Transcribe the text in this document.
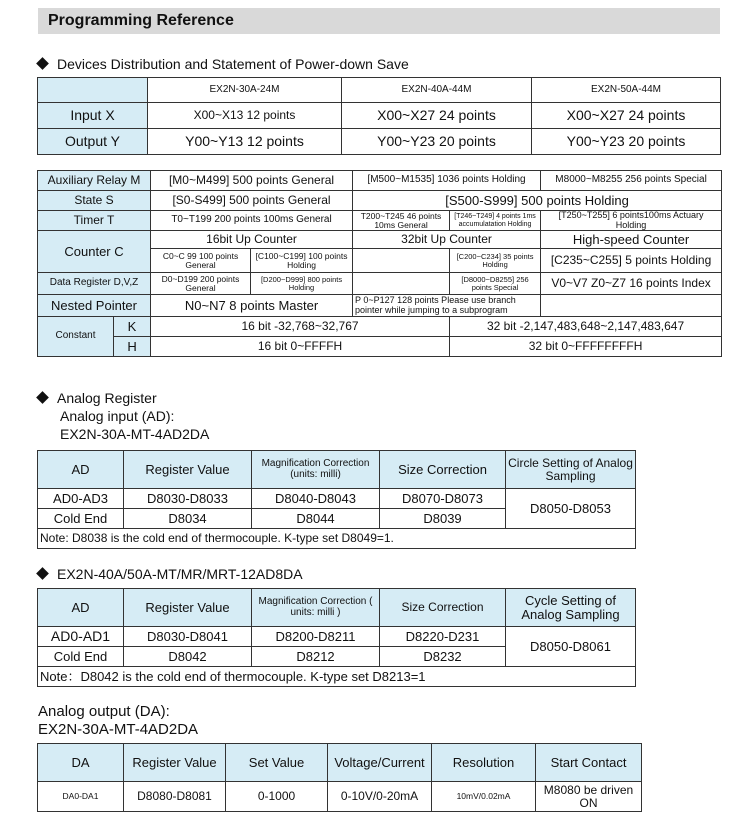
Programming Reference
Devices Distribution and Statement of Power-down Save
	EX2N-30A-24M	EX2N-40A-44M	EX2N-50A-44M
Input X	X00~X13 12 points	X00~X27 24 points	X00~X27 24 points
Output Y	Y00~Y13 12 points	Y00~Y23 20 points	Y00~Y23 20 points
Auxiliary Relay M		[M0~M499] 500 points General		[M500~M1535] 1036 points Holding		M8000~M8255 256 points Special
State S		[S0-S499] 500 points General		[S500-S999] 500 points Holding		
Timer T		T0~T199 200 points 100ms General		T200~T245 46 points 10ms General	[T246~T249] 4 points 1ms accumulatation Holding	[T250~T255] 6 points100ms Actuary Holding
Counter C		16bit Up Counter		32bit Up Counter		High-speed Counter
		C0~C 99 100 points General	[C100~C199] 100 points Holding		[C200~C234] 35 points Holding	[C235~C255] 5 points Holding
Data Register D,V,Z		D0~D199 200 points General	[D200~D999] 800 points Holding		[D8000~D8255] 256 points Special	V0~V7 Z0~Z7 16 points Index
Nested Pointer		N0~N7 8 points Master		P 0~P127 128 points Please use branch pointer while jumping to a subprogram		
Constant	K	16 bit -32,768~32,767			32 bit -2,147,483,648~2,147,483,647	
	H	16 bit 0~FFFFH			32 bit 0~FFFFFFFFH	
Analog Register
Analog input (AD):
EX2N-30A-MT-4AD2DA
AD	Register Value	Magnification Correction (units: milli)	Size Correction	Circle Setting of Analog Sampling
AD0-AD3	D8030-D8033	D8040-D8043	D8070-D8073	D8050-D8053
Cold End	D8034	D8044	D8039	
Note: D8038 is the cold end of thermocouple. K-type set D8049=1.				
EX2N-40A/50A-MT/MR/MRT-12AD8DA
AD	Register Value	Magnification Correction ( units: milli )	Size Correction	Cycle Setting of Analog Sampling
AD0-AD1	D8030-D8041	D8200-D8211	D8220-D231	D8050-D8061
Cold End	D8042	D8212	D8232	
Note：D8042 is the cold end of thermocouple. K-type set D8213=1				
Analog output (DA):
EX2N-30A-MT-4AD2DA
DA	Register Value	Set Value	Voltage/Current	Resolution	Start Contact
DA0-DA1	D8080-D8081	0-1000	0-10V/0-20mA	10mV/0.02mA	M8080 be driven ON
